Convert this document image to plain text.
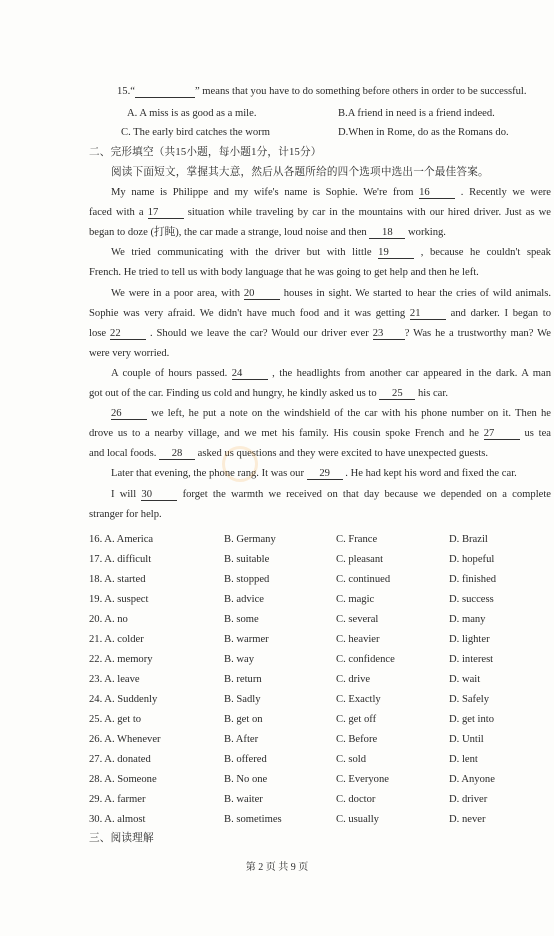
15.“	” means that you have to do something before others in order to be successful.
A. A miss is as good as a mile.	B.A friend in need is a friend indeed.
C. The early bird catches the worm	D.When in Rome, do as the Romans do.
二、完形填空（共15小题，每小题1分，计15分）
阅读下面短文，掌握其大意，然后从各题所给的四个选项中选出一个最佳答案。
My name is Philippe and my wife's name is Sophie. We're from 16 . Recently we were
faced with a 17 situation while traveling by car in the mountains with our hired driver. Just as we
began to doze (打盹), the car made a strange, loud noise and then 18 working.
We tried communicating with the driver but with little 19 , because he couldn't speak
French. He tried to tell us with body language that he was going to get help and then he left.
We were in a poor area, with 20 houses in sight. We started to hear the cries of wild animals.
Sophie was very afraid. We didn't have much food and it was getting 21 and darker. I began to
lose 22 . Should we leave the car? Would our driver ever 23 ? Was he a trustworthy man? We
were very worried.
A couple of hours passed. 24 , the headlights from another car appeared in the dark. A man
got out of the car. Finding us cold and hungry, he kindly asked us to 25 his car.
26 we left, he put a note on the windshield of the car with his phone number on it. Then he
drove us to a nearby village, and we met his family. His cousin spoke French and he 27 us tea
and local foods. 28 asked us questions and they were excited to have unexpected guests.
Later that evening, the phone rang. It was our 29 . He had kept his word and fixed the car.
I will 30 forget the warmth we received on that day because we depended on a complete
stranger for help.
16. A. America	B. Germany	C. France	D. Brazil
17. A. difficult	B. suitable	C. pleasant	D. hopeful
18. A. started	B. stopped	C. continued	D. finished
19. A. suspect	B. advice	C. magic	D. success
20. A. no	B. some	C. several	D. many
21. A. colder	B. warmer	C. heavier	D. lighter
22. A. memory	B. way	C. confidence	D. interest
23. A. leave	B. return	C. drive	D. wait
24. A. Suddenly	B. Sadly	C. Exactly	D. Safely
25. A. get to	B. get on	C. get off	D. get into
26. A. Whenever	B. After	C. Before	D. Until
27. A. donated	B. offered	C. sold	D. lent
28. A. Someone	B. No one	C. Everyone	D. Anyone
29. A. farmer	B. waiter	C. doctor	D. driver
30. A. almost	B. sometimes	C. usually	D. never
三、阅读理解
第 2 页 共 9 页
